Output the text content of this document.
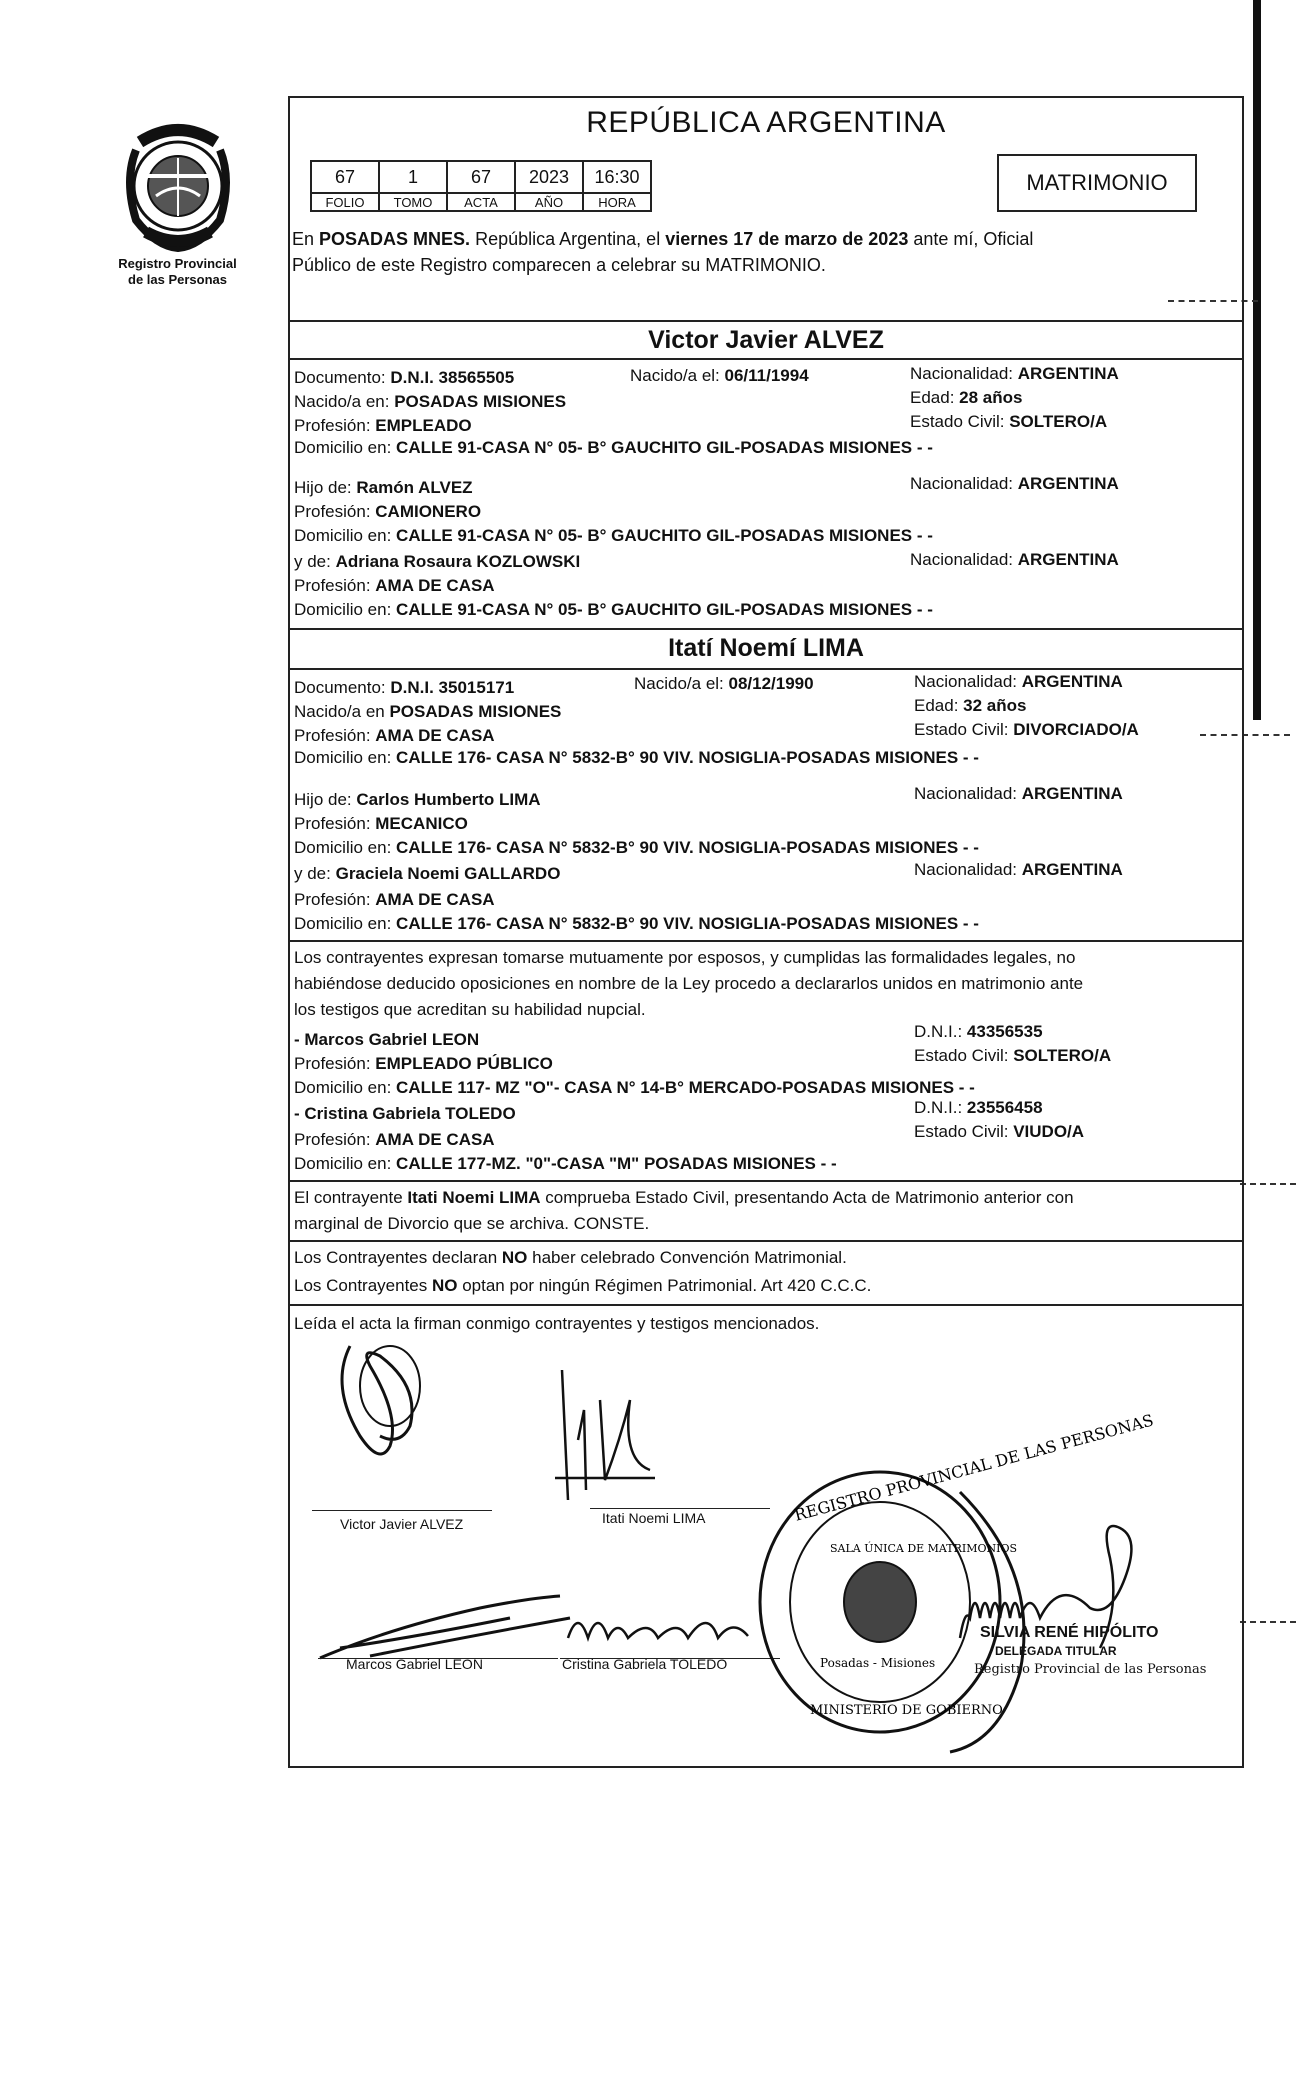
Registro Provincial
de las Personas
REPÚBLICA ARGENTINA
67	1	67	2023	16:30
FOLIO	TOMO	ACTA	AÑO	HORA
MATRIMONIO
En POSADAS MNES. República Argentina, el viernes 17 de marzo de 2023 ante mí, Oficial
Público de este Registro comparecen a celebrar su MATRIMONIO.
Victor Javier ALVEZ
Documento: D.N.I. 38565505	Nacido/a el: 06/11/1994	Nacionalidad: ARGENTINA
Nacido/a en: POSADAS MISIONES	Edad: 28 años
Profesión: EMPLEADO	Estado Civil: SOLTERO/A
Domicilio en: CALLE 91-CASA N° 05- B° GAUCHITO GIL-POSADAS MISIONES - -
Hijo de: Ramón ALVEZ	Nacionalidad: ARGENTINA
Profesión: CAMIONERO
Domicilio en: CALLE 91-CASA N° 05- B° GAUCHITO GIL-POSADAS MISIONES - -
y de: Adriana Rosaura KOZLOWSKI	Nacionalidad: ARGENTINA
Profesión: AMA DE CASA
Domicilio en: CALLE 91-CASA N° 05- B° GAUCHITO GIL-POSADAS MISIONES - -
Itatí Noemí LIMA
Documento: D.N.I. 35015171	Nacido/a el: 08/12/1990	Nacionalidad: ARGENTINA
Nacido/a en POSADAS MISIONES	Edad: 32 años
Profesión: AMA DE CASA	Estado Civil: DIVORCIADO/A
Domicilio en: CALLE 176- CASA N° 5832-B° 90 VIV. NOSIGLIA-POSADAS MISIONES - -
Hijo de: Carlos Humberto LIMA	Nacionalidad: ARGENTINA
Profesión: MECANICO
Domicilio en: CALLE 176- CASA N° 5832-B° 90 VIV. NOSIGLIA-POSADAS MISIONES - -
y de: Graciela Noemi GALLARDO	Nacionalidad: ARGENTINA
Profesión: AMA DE CASA
Domicilio en: CALLE 176- CASA N° 5832-B° 90 VIV. NOSIGLIA-POSADAS MISIONES - -
Los contrayentes expresan tomarse mutuamente por esposos, y cumplidas las formalidades legales, no
habiéndose deducido oposiciones en nombre de la Ley procedo a declararlos unidos en matrimonio ante
los testigos que acreditan su habilidad nupcial.
- Marcos Gabriel LEON	D.N.I.: 43356535
Profesión: EMPLEADO PÚBLICO	Estado Civil: SOLTERO/A
Domicilio en: CALLE 117- MZ "O"- CASA N° 14-B° MERCADO-POSADAS MISIONES - -
- Cristina Gabriela TOLEDO	D.N.I.: 23556458
Profesión: AMA DE CASA	Estado Civil: VIUDO/A
Domicilio en: CALLE 177-MZ. "0"-CASA "M" POSADAS MISIONES - -
El contrayente Itati Noemi LIMA comprueba Estado Civil, presentando Acta de Matrimonio anterior con
marginal de Divorcio que se archiva. CONSTE.
Los Contrayentes declaran NO haber celebrado Convención Matrimonial.
Los Contrayentes NO optan por ningún Régimen Patrimonial. Art 420 C.C.C.
Leída el acta la firman conmigo contrayentes y testigos mencionados.
Victor Javier ALVEZ	Itati Noemi LIMA
Marcos Gabriel LEON	Cristina Gabriela TOLEDO
REGISTRO PROVINCIAL DE LAS PERSONAS
SALA ÚNICA DE MATRIMONIOS
Posadas - Misiones
MINISTERIO DE GOBIERNO
SILVIA RENÉ HIPÓLITO
DELEGADA TITULAR
Registro Provincial de las Personas
